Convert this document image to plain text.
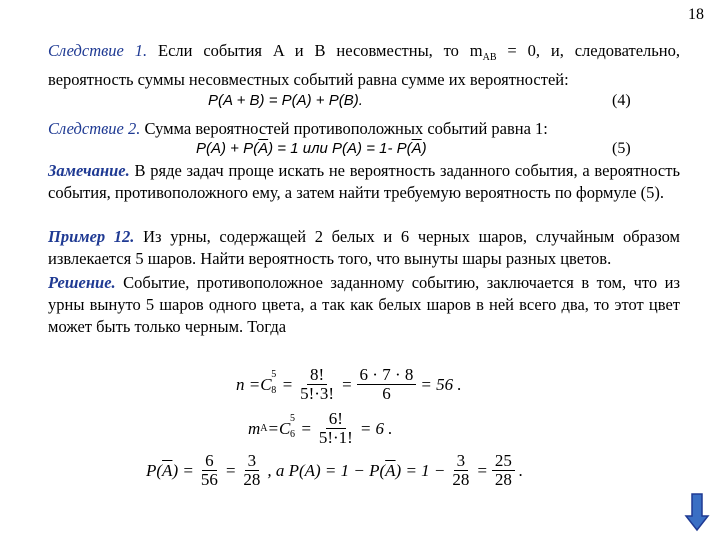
18

Следствие 1. Если события A и B несовместны, то $m_{AB} = 0$, и, следовательно, вероятность суммы несовместных событий равна сумме их вероятностей:

P(A + B) = P(A) + P(B).	(4)

Следствие 2. Сумма вероятностей противоположных событий равна 1:

$P(A) + P(\overline{A}) = 1$ или P(A) = 1- $P(\overline{A})$	(5)

Замечание. В ряде задач проще искать не вероятность заданного события, а вероятность события, противоположного ему, а затем найти требуемую вероятность по формуле (5).

Пример 12. Из урны, содержащей 2 белых и 6 черных шаров, случайным образом извлекается 5 шаров. Найти вероятность того, что вынуты шары разных цветов.

Решение. Событие, противоположное заданному событию, заключается в том, что из урны вынуто 5 шаров одного цвета, а так как белых шаров в ней всего два, то этот цвет может быть только черным. Тогда

n = C
5
$8 = \frac{8!}{5!\cdot 3!} = \frac{6 \cdot 7 \cdot 8}{6} = 56$ .
m A = C
5
$6 = \frac{6!}{5!\cdot 1!} = 6$ .
P( $\overline{A}$ ) = $\frac{6}{56} = \frac{3}{28}$ , а P(A) = 1 − P( $\overline{A}$ ) = $1 - \frac{3}{28} = \frac{25}{28}$ .
